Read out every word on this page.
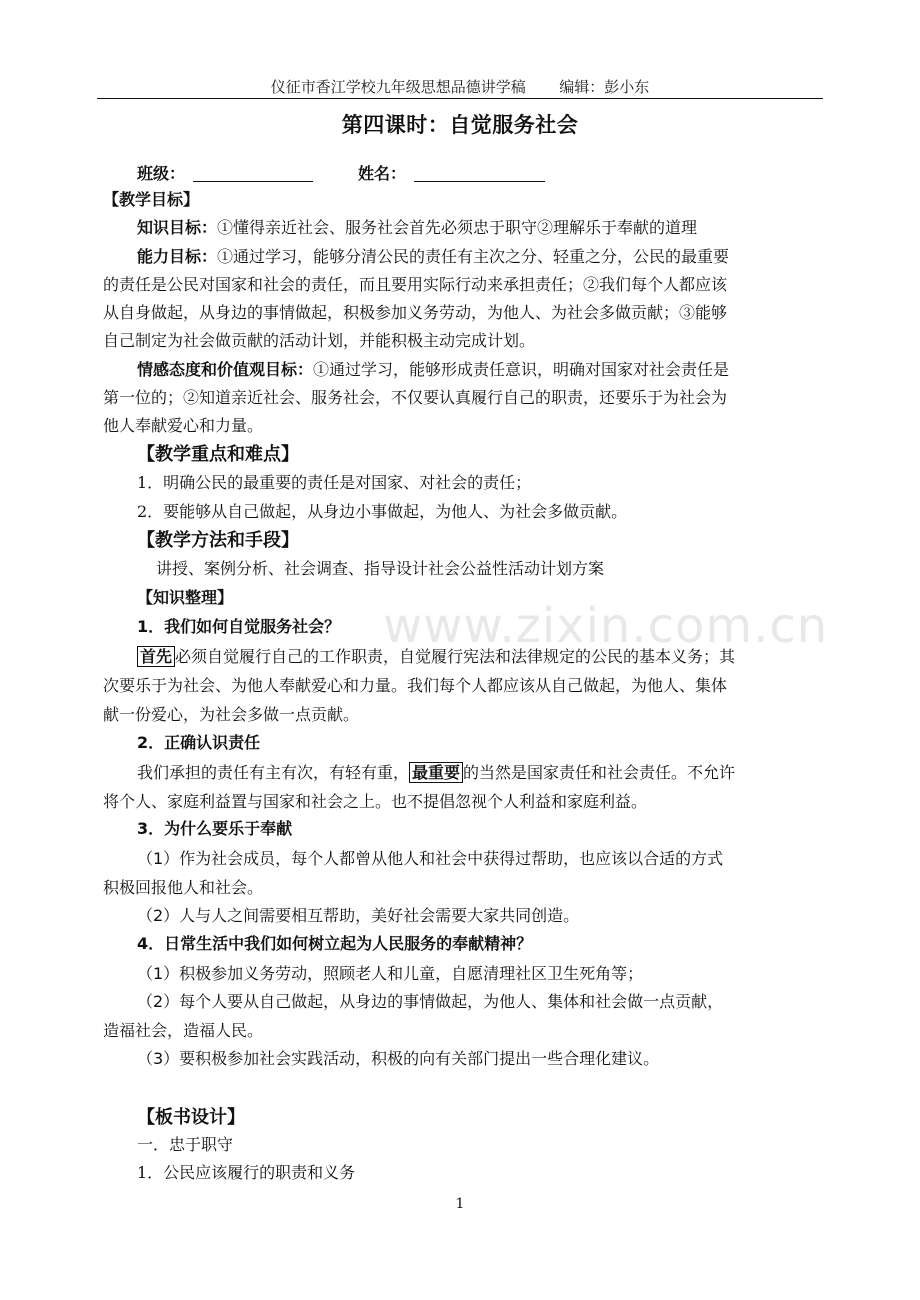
仪征市香江学校九年级思想品德讲学稿 编辑：彭小东
第四课时：自觉服务社会
班级：	姓名：
www.zixin.com.cn
【教学目标】
知识目标：①懂得亲近社会、服务社会首先必须忠于职守②理解乐于奉献的道理
能力目标：①通过学习，能够分清公民的责任有主次之分、轻重之分，公民的最重要
的责任是公民对国家和社会的责任，而且要用实际行动来承担责任；②我们每个人都应该
从自身做起，从身边的事情做起，积极参加义务劳动，为他人、为社会多做贡献；③能够
自己制定为社会做贡献的活动计划，并能积极主动完成计划。
情感态度和价值观目标：①通过学习，能够形成责任意识，明确对国家对社会责任是
第一位的；②知道亲近社会、服务社会，不仅要认真履行自己的职责，还要乐于为社会为
他人奉献爱心和力量。
【教学重点和难点】
1．明确公民的最重要的责任是对国家、对社会的责任；
2．要能够从自己做起，从身边小事做起，为他人、为社会多做贡献。
【教学方法和手段】
讲授、案例分析、社会调查、指导设计社会公益性活动计划方案
【知识整理】
1．我们如何自觉服务社会？
首先 必须自觉履行自己的工作职责，自觉履行宪法和法律规定的公民的基本义务；其
次要乐于为社会、为他人奉献爱心和力量。我们每个人都应该从自己做起，为他人、集体
献一份爱心，为社会多做一点贡献。
2．正确认识责任
我们承担的责任有主有次，有轻有重， 最重要 的当然是国家责任和社会责任。不允许
将个人、家庭利益置与国家和社会之上。也不提倡忽视个人利益和家庭利益。
3．为什么要乐于奉献
（1）作为社会成员，每个人都曾从他人和社会中获得过帮助，也应该以合适的方式
积极回报他人和社会。
（2）人与人之间需要相互帮助，美好社会需要大家共同创造。
4．日常生活中我们如何树立起为人民服务的奉献精神？
（1）积极参加义务劳动，照顾老人和儿童，自愿清理社区卫生死角等；
（2）每个人要从自己做起，从身边的事情做起，为他人、集体和社会做一点贡献，
造福社会，造福人民。
（3）要积极参加社会实践活动，积极的向有关部门提出一些合理化建议。
【板书设计】
一．忠于职守
1．公民应该履行的职责和义务
1
